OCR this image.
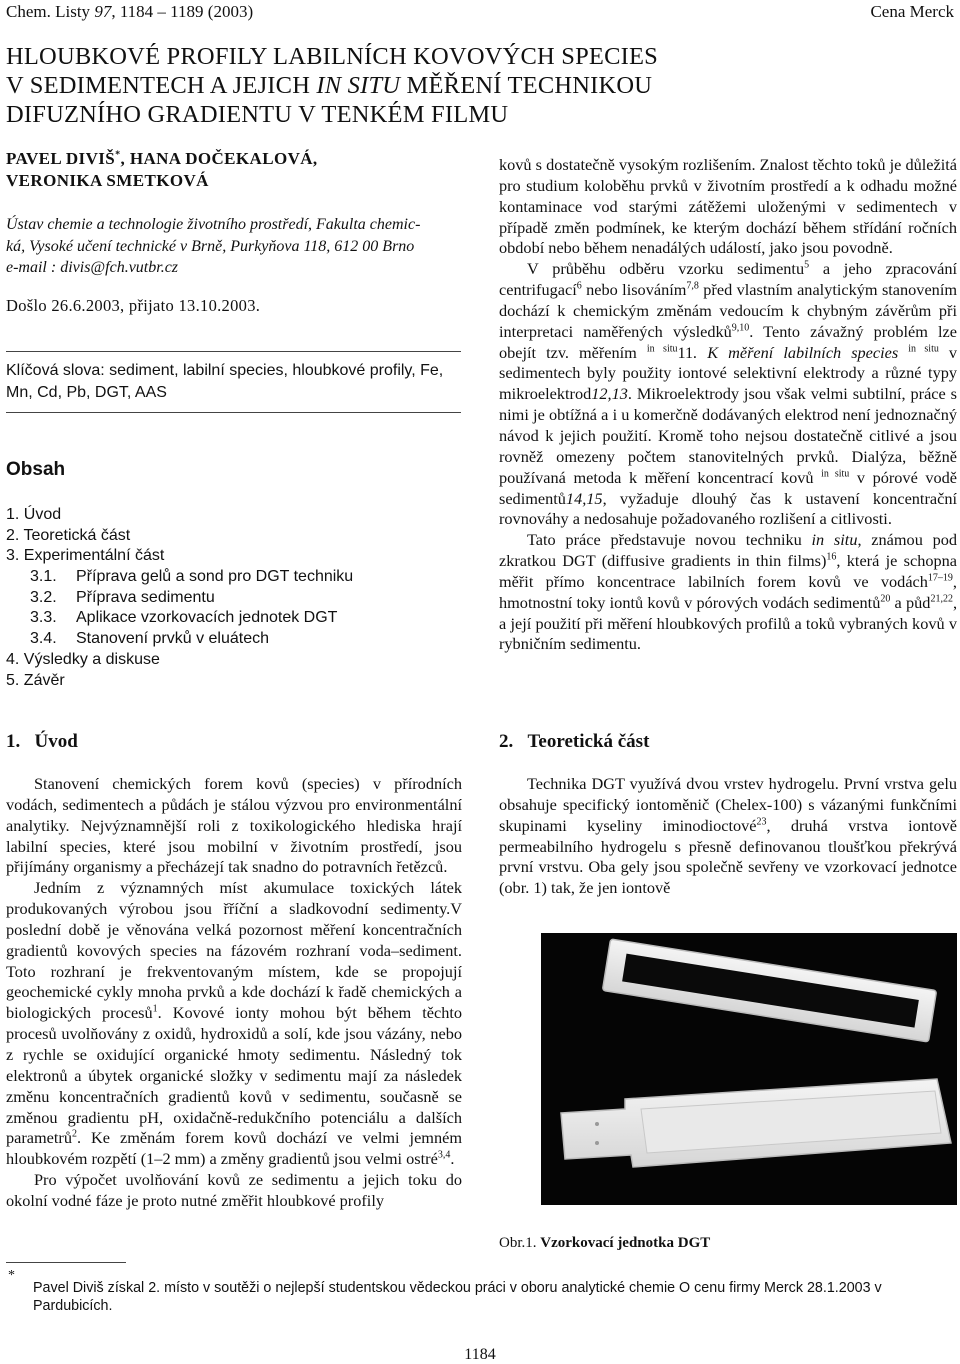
Chem. Listy 97, 1184 – 1189 (2003)	Cena Merck
HLOUBKOVÉ PROFILY LABILNÍCH KOVOVÝCH SPECIES
V SEDIMENTECH A JEJICH IN SITU MĚŘENÍ TECHNIKOU
DIFUZNÍHO GRADIENTU V TENKÉM FILMU
PAVEL DIVIŠ*, HANA DOČEKALOVÁ,
VERONIKA SMETKOVÁ
Ústav chemie a technologie životního prostředí, Fakulta chemic-
ká, Vysoké učení technické v Brně, Purkyňova 118, 612 00 Brno
e-mail : divis@fch.vutbr.cz
Došlo 26.6.2003, přijato 13.10.2003.
Klíčová slova: sediment, labilní species, hloubkové profily, Fe, Mn, Cd, Pb, DGT, AAS
Obsah
1. Úvod
2. Teoretická část
3. Experimentální část
3.1. Příprava gelů a sond pro DGT techniku
3.2. Příprava sedimentu
3.3. Aplikace vzorkovacích jednotek DGT
3.4. Stanovení prvků v eluátech
4. Výsledky a diskuse
5. Závěr

kovů s dostatečně vysokým rozlišením. Znalost těchto toků je důležitá pro studium koloběhu prvků v životním prostředí a k odhadu možné kontaminace vod starými zátěžemi uloženými v sedimentech v případě změn podmínek, ke kterým dochází během střídání ročních období nebo během nenadálých událostí, jako jsou povodně.

V průběhu odběru vzorku sedimentu$^5$ a jeho zpracování centrifugací$^6$ nebo lisováním$^{7,8}$ před vlastním analytickým stanovením dochází k chemickým změnám vedoucím k chybným závěrům při interpretaci naměřených výsledků$^{9,10}$. Tento závažný problém lze obejít tzv. měřením $^{in situ}$11. K měření labilních species $^{in situ}$ v sedimentech byly použity iontové selektivní elektrody a různé typy mikroelektrod12,13. Mikroelektrody jsou však velmi subtilní, práce s nimi je obtížná a i u komerčně dodávaných elektrod není jednoznačný návod k jejich použití. Kromě toho nejsou dostatečně citlivé a jsou rovněž omezeny počtem stanovitelných prvků. Dialýza, běžně používaná metoda k měření koncentrací kovů $^{in situ}$ v pórové vodě sedimentů14,15, vyžaduje dlouhý čas k ustavení koncentrační rovnováhy a nedosahuje požadovaného rozlišení a citlivosti.

Tato práce představuje novou techniku in situ, známou pod zkratkou DGT (diffusive gradients in thin films)$^{16}$, která je schopna měřit přímo koncentrace labilních forem kovů ve vodách$^{17-19}$, hmotnostní toky iontů kovů v pórových vodách sedimentů$^{20}$ a půd$^{21,22}$, a její použití při měření hloubkových profilů a toků vybraných kovů v rybničním sedimentu.

1. Úvod

Stanovení chemických forem kovů (species) v přírodních vodách, sedimentech a půdách je stálou výzvou pro environmentální analytiky. Nejvýznamnější roli z toxikologického hlediska hrají labilní species, které jsou mobilní v životním prostředí, jsou přijímány organismy a přecházejí tak snadno do potravních řetězců.

Jedním z významných míst akumulace toxických látek produkovaných výrobou jsou řříční a sladkovodní sedimenty.V poslední době je věnována velká pozornost měření koncentračních gradientů kovových species na fázovém rozhraní voda–sediment. Toto rozhraní je frekventovaným místem, kde se propojují geochemické cykly mnoha prvků a kde dochází k řadě chemických a biologických procesů$^1$. Kovové ionty mohou být během těchto procesů uvolňovány z oxidů, hydroxidů a solí, kde jsou vázány, nebo z rychle se oxidující organické hmoty sedimentu. Následný tok elektronů a úbytek organické složky v sedimentu mají za následek změnu koncentračních gradientů kovů v sedimentu, současně se změnou gradientu pH, oxidačně-redukčního potenciálu a dalších parametrů$^2$. Ke změnám forem kovů dochází ve velmi jemném hloubkovém rozpětí (1–2 mm) a změny gradientů jsou velmi ostré$^{3,4}$.

Pro výpočet uvolňování kovů ze sedimentu a jejich toku do okolní vodné fáze je proto nutné změřit hloubkové profily

2. Teoretická část

Technika DGT využívá dvou vrstev hydrogelu. První vrstva gelu obsahuje specifický iontoměnič (Chelex-100) s vázanými funkčními skupinami kyseliny iminodioctové$^{23}$, druhá vrstva iontově permeabilního hydrogelu s přesně definovanou tloušťkou překrývá první vrstvu. Oba gely jsou společně sevřeny ve vzorkovací jednotce (obr. 1) tak, že jen iontově

Obr.1. Vzorkovací jednotka DGT
*
Pavel Diviš získal 2. místo v soutěži o nejlepší studentskou vědeckou práci v oboru analytické chemie O cenu firmy Merck 28.1.2003 v Pardubicích.
1184
